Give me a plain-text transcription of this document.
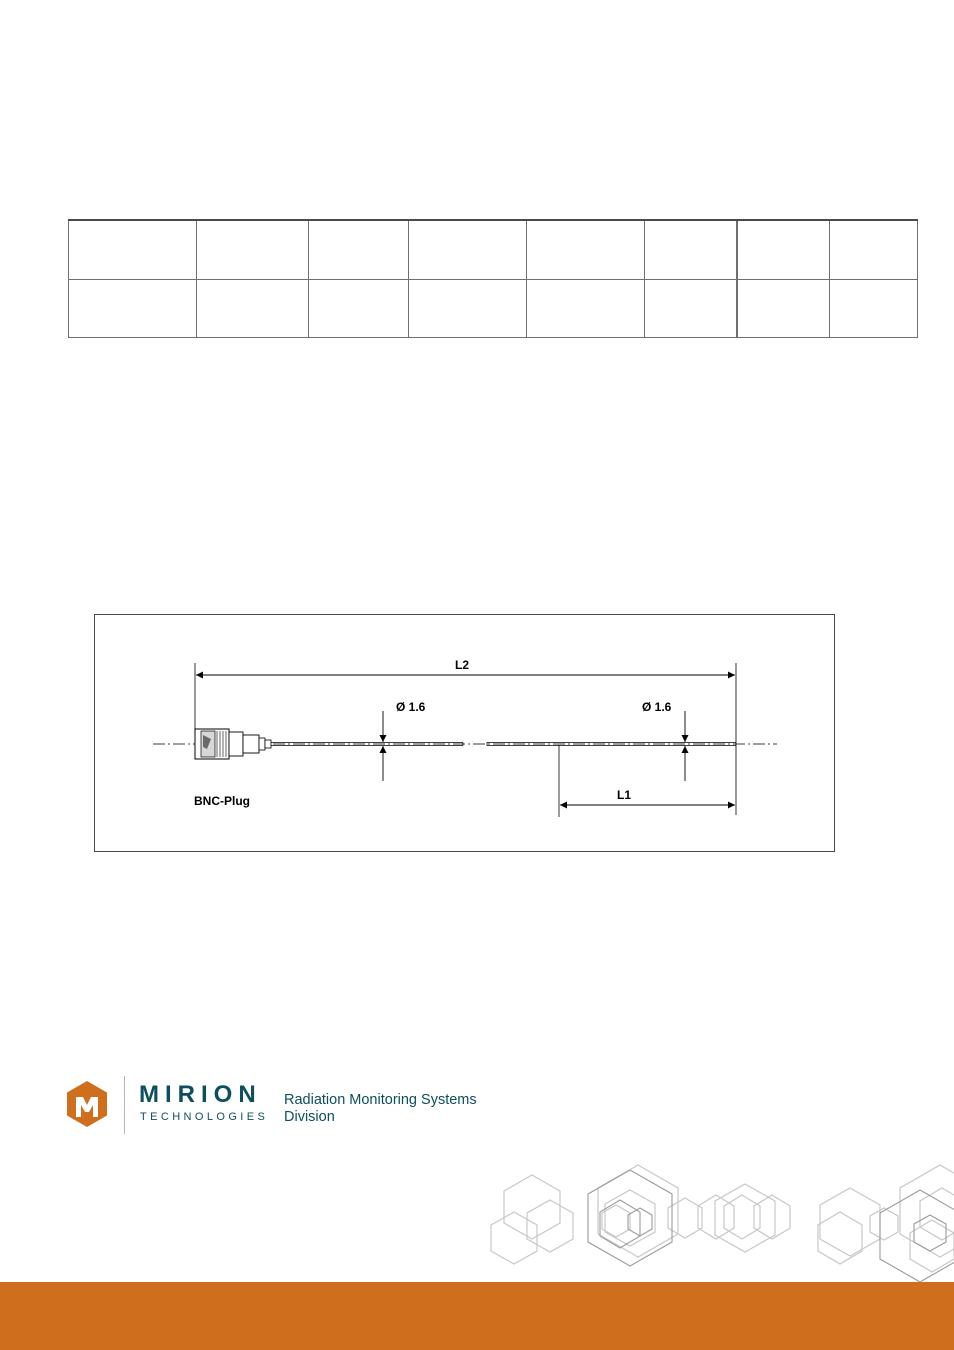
L2
Ø 1.6	Ø 1.6
L1
BNC-Plug
MIRION
TECHNOLOGIES
Radiation Monitoring Systems
Division
